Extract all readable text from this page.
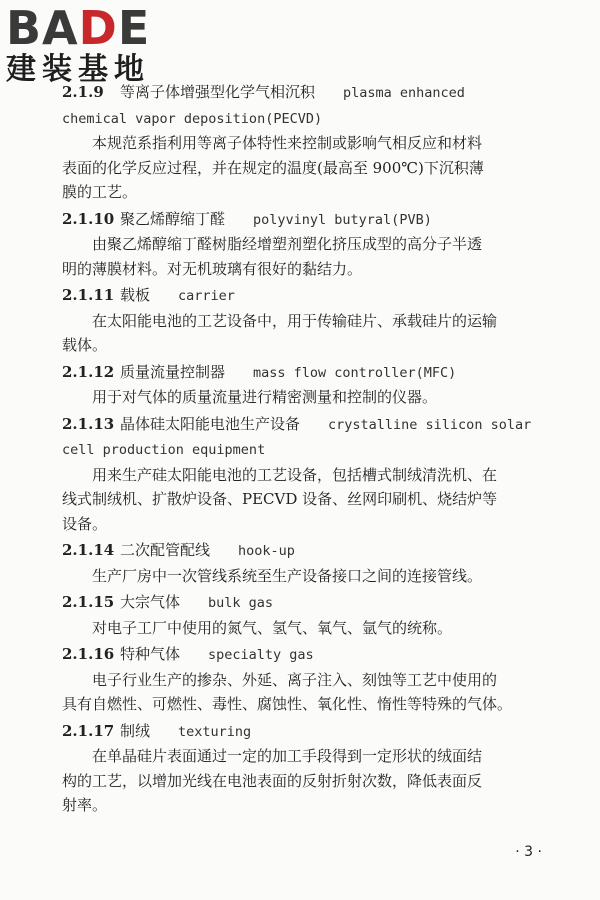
BADE
建装基地
2.1.9 等离子体增强型化学气相沉积 plasma enhanced
chemical vapor deposition(PECVD)
本规范系指利用等离子体特性来控制或影响气相反应和材料
表面的化学反应过程，并在规定的温度(最高至 900℃)下沉积薄
膜的工艺。
2.1.10 聚乙烯醇缩丁醛 polyvinyl butyral(PVB)
由聚乙烯醇缩丁醛树脂经增塑剂塑化挤压成型的高分子半透
明的薄膜材料。对无机玻璃有很好的黏结力。
2.1.11 载板 carrier
在太阳能电池的工艺设备中，用于传输硅片、承载硅片的运输
载体。
2.1.12 质量流量控制器 mass flow controller(MFC)
用于对气体的质量流量进行精密测量和控制的仪器。
2.1.13 晶体硅太阳能电池生产设备 crystalline silicon solar
cell production equipment
用来生产硅太阳能电池的工艺设备，包括槽式制绒清洗机、在
线式制绒机、扩散炉设备、PECVD 设备、丝网印刷机、烧结炉等
设备。
2.1.14 二次配管配线 hook-up
生产厂房中一次管线系统至生产设备接口之间的连接管线。
2.1.15 大宗气体 bulk gas
对电子工厂中使用的氮气、氢气、氧气、氩气的统称。
2.1.16 特种气体 specialty gas
电子行业生产的掺杂、外延、离子注入、刻蚀等工艺中使用的
具有自燃性、可燃性、毒性、腐蚀性、氧化性、惰性等特殊的气体。
2.1.17 制绒 texturing
在单晶硅片表面通过一定的加工手段得到一定形状的绒面结
构的工艺，以增加光线在电池表面的反射折射次数，降低表面反
射率。
· 3 ·
